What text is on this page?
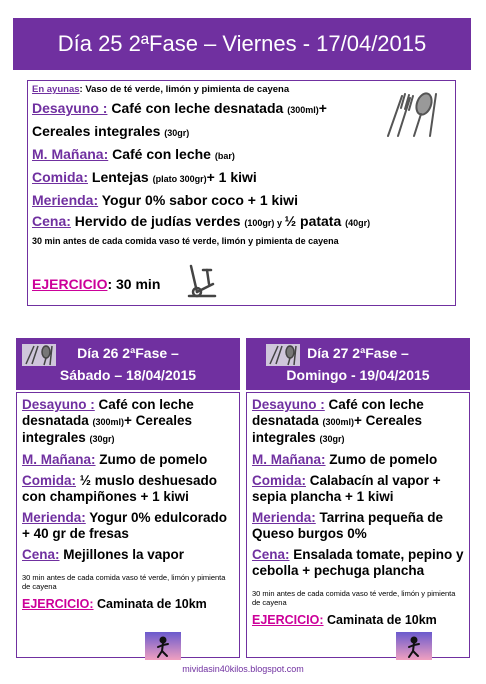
Día 25 2ªFase – Viernes - 17/04/2015
En ayunas: Vaso de té verde, limón y pimienta de cayena
Desayuno : Café con leche desnatada (300ml)+
Cereales integrales (30gr)
M. Mañana: Café con leche (bar)
Comida: Lentejas (plato 300gr)+ 1 kiwi
Merienda: Yogur 0% sabor coco + 1 kiwi
Cena: Hervido de judías verdes (100gr) y ½ patata (40gr)
30 min antes de cada comida vaso té verde, limón y pimienta de cayena
EJERCICIO: 30 min
Día 26 2ªFase –
Sábado – 18/04/2015
Día 27 2ªFase –
Domingo - 19/04/2015
Desayuno : Café con leche desnatada (300ml)+ Cereales integrales (30gr)
M. Mañana: Zumo de pomelo
Comida: ½ muslo deshuesado con champiñones + 1 kiwi
Merienda: Yogur 0% edulcorado + 40 gr de fresas
Cena: Mejillones la vapor
30 min antes de cada comida vaso té verde, limón y pimienta de cayena
EJERCICIO: Caminata de 10km
Desayuno : Café con leche desnatada (300ml)+ Cereales integrales (30gr)
M. Mañana: Zumo de pomelo
Comida: Calabacín al vapor + sepia plancha + 1 kiwi
Merienda: Tarrina pequeña de Queso burgos 0%
Cena: Ensalada tomate, pepino y cebolla + pechuga plancha
30 min antes de cada comida vaso té verde, limón y pimienta de cayena
EJERCICIO: Caminata de 10km
mividasin40kilos.blogspot.com
